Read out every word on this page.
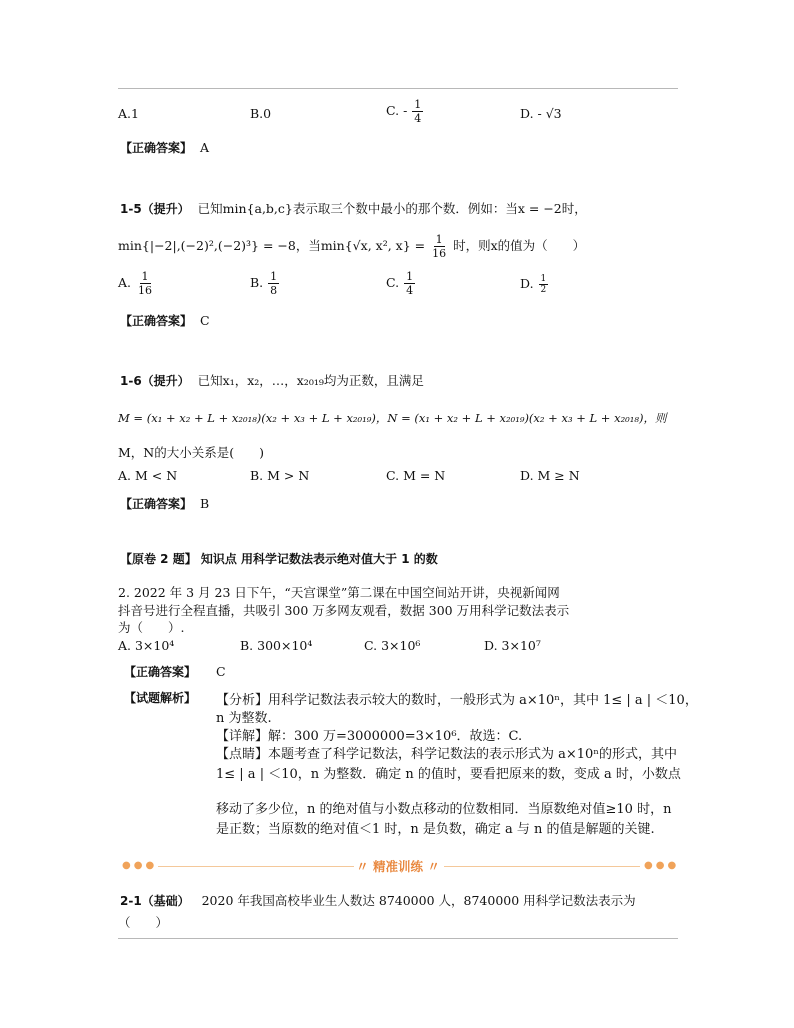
A.1	B.0	C. - $\frac{1}{4}$	D. - √3
【正确答案】 A
1-5（提升） 已知min{a,b,c}表示取三个数中最小的那个数．例如：当x = −2时，
min{|−2|,(−2)²,(−2)³} = −8，当min{√x, x², $x\} = \frac{1}{16}$ 时，则x的值为（　　）
A. $\frac{1}{16}$	B. $\frac{1}{8}$	C. $\frac{1}{4}$	D. $\frac{1}{2}$
【正确答案】 C
1-6（提升） 已知x₁，x₂，…，x₂₀₁₉均为正数，且满足
M = (x₁ + x₂ + L + x₂₀₁₈)(x₂ + x₃ + L + x₂₀₁₉)，N = (x₁ + x₂ + L + x₂₀₁₉)(x₂ + x₃ + L + x₂₀₁₈)，则
M，N的大小关系是(　　)
A. M < N	B. M > N	C. M = N	D. M ≥ N
【正确答案】 B
【原卷 2 题】 知识点 用科学记数法表示绝对值大于 1 的数
2. 2022 年 3 月 23 日下午，“天宫课堂”第二课在中国空间站开讲，央视新闻网
抖音号进行全程直播，共吸引 300 万多网友观看，数据 300 万用科学记数法表示
为（　　）.
A. 3×10⁴	B. 300×10⁴	C. 3×10⁶	D. 3×10⁷
【正确答案】 C
【试题解析】 【分析】用科学记数法表示较大的数时，一般形式为 a×10ⁿ，其中 1≤ | a | ＜10，
n 为整数.
【详解】解：300 万=3000000=3×10⁶．故选：C.
【点睛】本题考查了科学记数法，科学记数法的表示形式为 a×10ⁿ的形式，其中
1≤ | a | ＜10，n 为整数．确定 n 的值时，要看把原来的数，变成 a 时，小数点
移动了多少位，n 的绝对值与小数点移动的位数相同．当原数绝对值≥10 时，n
是正数；当原数的绝对值＜1 时，n 是负数，确定 a 与 n 的值是解题的关键.
●●●	〃 精准训练 〃	●●●
2-1（基础） 2020 年我国高校毕业生人数达 8740000 人，8740000 用科学记数法表示为
（　　）
